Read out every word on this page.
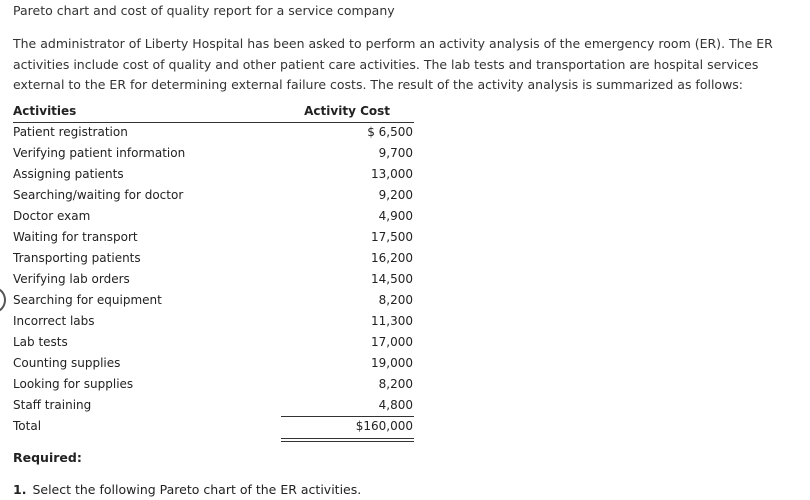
Pareto chart and cost of quality report for a service company
The administrator of Liberty Hospital has been asked to perform an activity analysis of the emergency room (ER). The ER activities include cost of quality and other patient care activities. The lab tests and transportation are hospital services external to the ER for determining external failure costs. The result of the activity analysis is summarized as follows:
Activities	Activity Cost
Patient registration	$ 6,500
Verifying patient information	9,700
Assigning patients	13,000
Searching/waiting for doctor	9,200
Doctor exam	4,900
Waiting for transport	17,500
Transporting patients	16,200
Verifying lab orders	14,500
Searching for equipment	8,200
Incorrect labs	11,300
Lab tests	17,000
Counting supplies	19,000
Looking for supplies	8,200
Staff training	4,800
Total	$160,000
Required:
1. Select the following Pareto chart of the ER activities.
